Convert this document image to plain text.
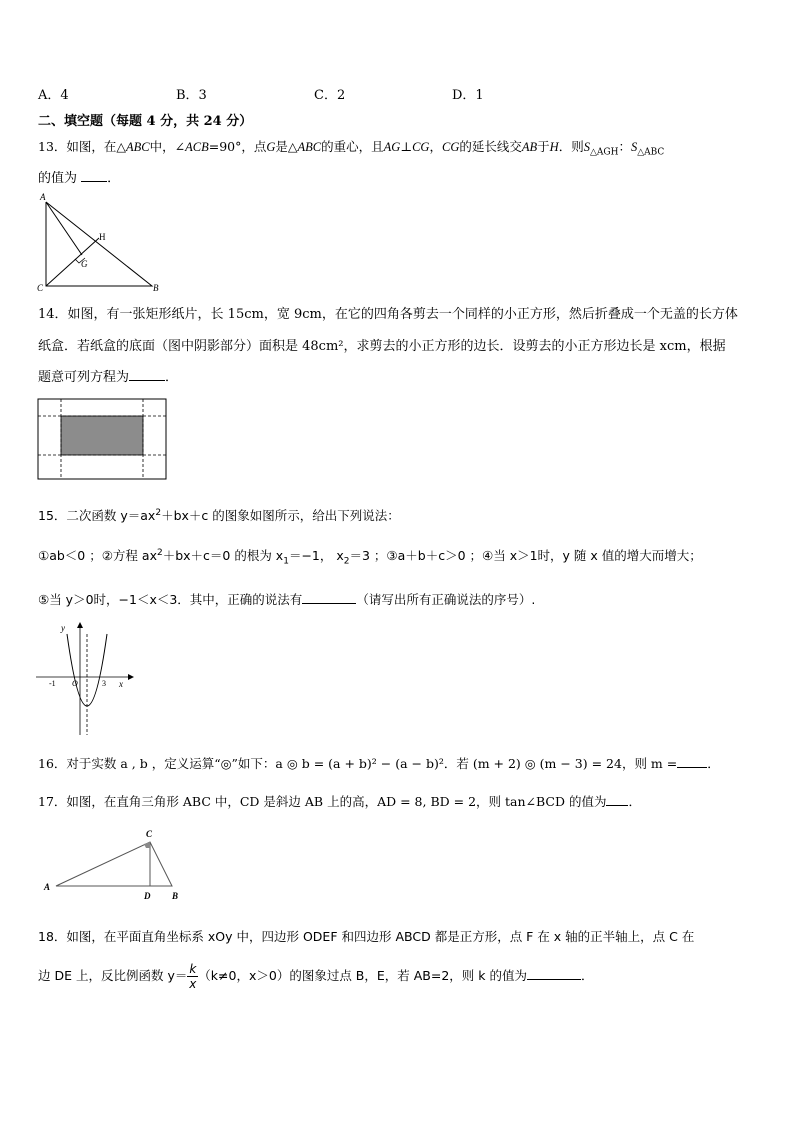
A．4	B．3	C．2	D．1
二、填空题（每题 4 分，共 24 分）
13．如图，在△ABC中，∠ACB=90°，点G是△ABC的重心，且AG⊥CG，CG的延长线交AB于H．则$S_{\triangle AGH}$：$S_{\triangle ABC}$
的值为 ．
A
H
G
C	B
14．如图，有一张矩形纸片，长 15cm，宽 9cm，在它的四角各剪去一个同样的小正方形，然后折叠成一个无盖的长方体
纸盒．若纸盒的底面（图中阴影部分）面积是 48cm²，求剪去的小正方形的边长．设剪去的小正方形边长是 xcm，根据
题意可列方程为	．
15．二次函数 $y=ax^2+bx+c$ 的图象如图所示，给出下列说法：
①ab＜0 ；②方程 $ax^2+bx+c=0$ 的根为 $x_1=-1$， $x_2=3$ ；③a＋b＋c＞0 ；④当 x＞1时，y 随 x 值的增大而增大；
⑤当 y＞0时，−1＜x＜3．其中，正确的说法有	（请写出所有正确说法的序号）.
y
x
-1 O	3
16．对于实数 a , b ，定义运算“◎”如下：a ◎ b = (a + b)² − (a − b)²．若 (m + 2) ◎ (m − 3) = 24，则 m = ．
17．如图，在直角三角形 ABC 中，CD 是斜边 AB 上的高，AD = 8, BD = 2，则 tan∠BCD 的值为 ．
C
A
D B
18．如图，在平面直角坐标系 xOy 中，四边形 ODEF 和四边形 ABCD 都是正方形，点 F 在 x 轴的正半轴上，点 C 在
边 DE 上，反比例函数 $y= \frac{k}{x} (k\ne 0$，x＞0）的图象过点 B，E，若 AB=2，则 k 的值为	．
